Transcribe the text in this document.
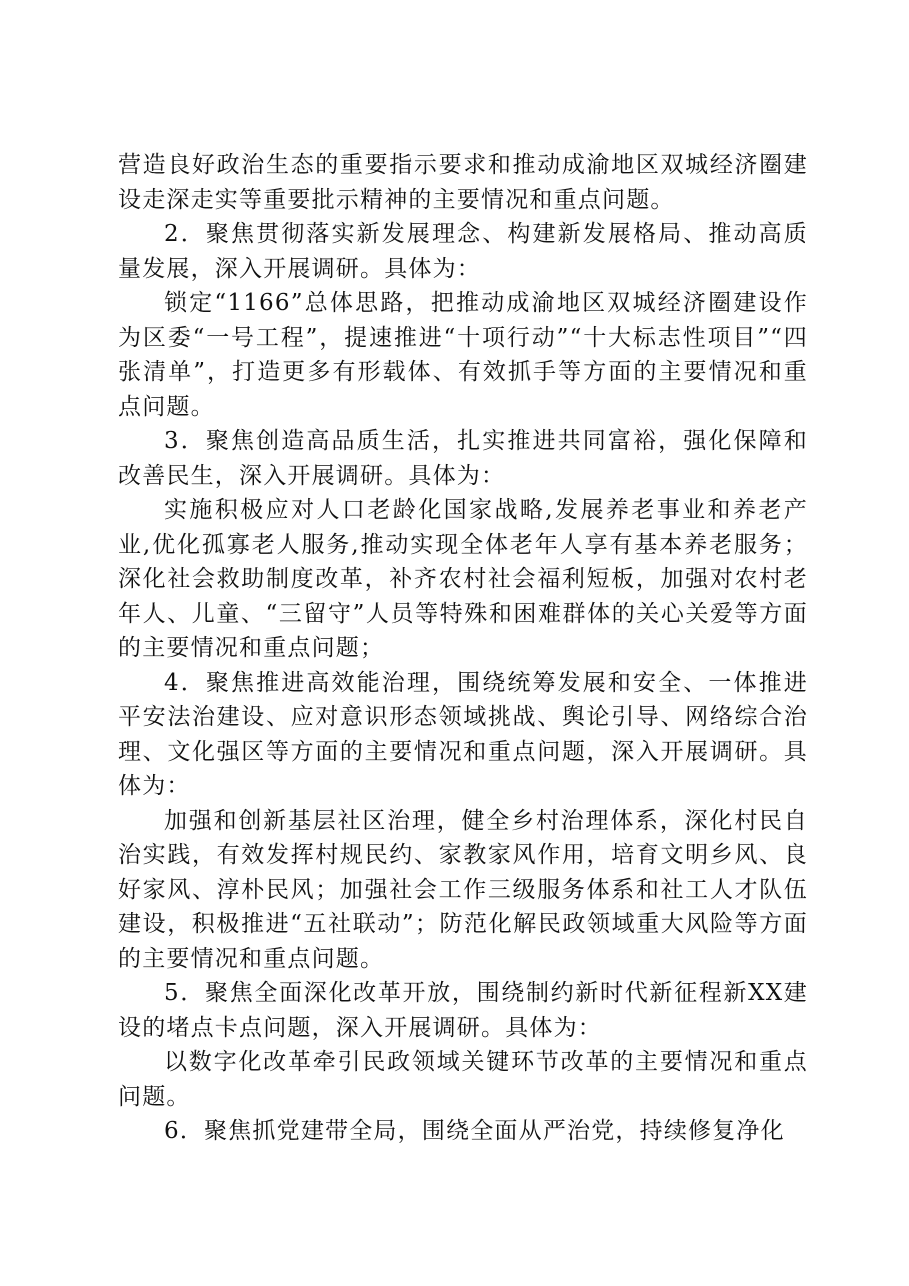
营造良好政治生态的重要指示要求和推动成渝地区双城经济圈建设走深走实等重要批示精神的主要情况和重点问题。

2．聚焦贯彻落实新发展理念、构建新发展格局、推动高质量发展，深入开展调研。具体为：

锁定“1166”总体思路，把推动成渝地区双城经济圈建设作为区委“一号工程”，提速推进“十项行动”“十大标志性项目”“四张清单”，打造更多有形载体、有效抓手等方面的主要情况和重点问题。

3．聚焦创造高品质生活，扎实推进共同富裕，强化保障和改善民生，深入开展调研。具体为：

实施积极应对人口老龄化国家战略,发展养老事业和养老产业,优化孤寡老人服务,推动实现全体老年人享有基本养老服务；深化社会救助制度改革，补齐农村社会福利短板，加强对农村老年人、儿童、“三留守”人员等特殊和困难群体的关心关爱等方面的主要情况和重点问题；

4．聚焦推进高效能治理，围绕统筹发展和安全、一体推进平安法治建设、应对意识形态领域挑战、舆论引导、网络综合治理、文化强区等方面的主要情况和重点问题，深入开展调研。具体为：

加强和创新基层社区治理，健全乡村治理体系，深化村民自治实践，有效发挥村规民约、家教家风作用，培育文明乡风、良好家风、淳朴民风；加强社会工作三级服务体系和社工人才队伍建设，积极推进“五社联动”；防范化解民政领域重大风险等方面的主要情况和重点问题。

5．聚焦全面深化改革开放，围绕制约新时代新征程新XX建设的堵点卡点问题，深入开展调研。具体为：

以数字化改革牵引民政领域关键环节改革的主要情况和重点问题。

6．聚焦抓党建带全局，围绕全面从严治党，持续修复净化
